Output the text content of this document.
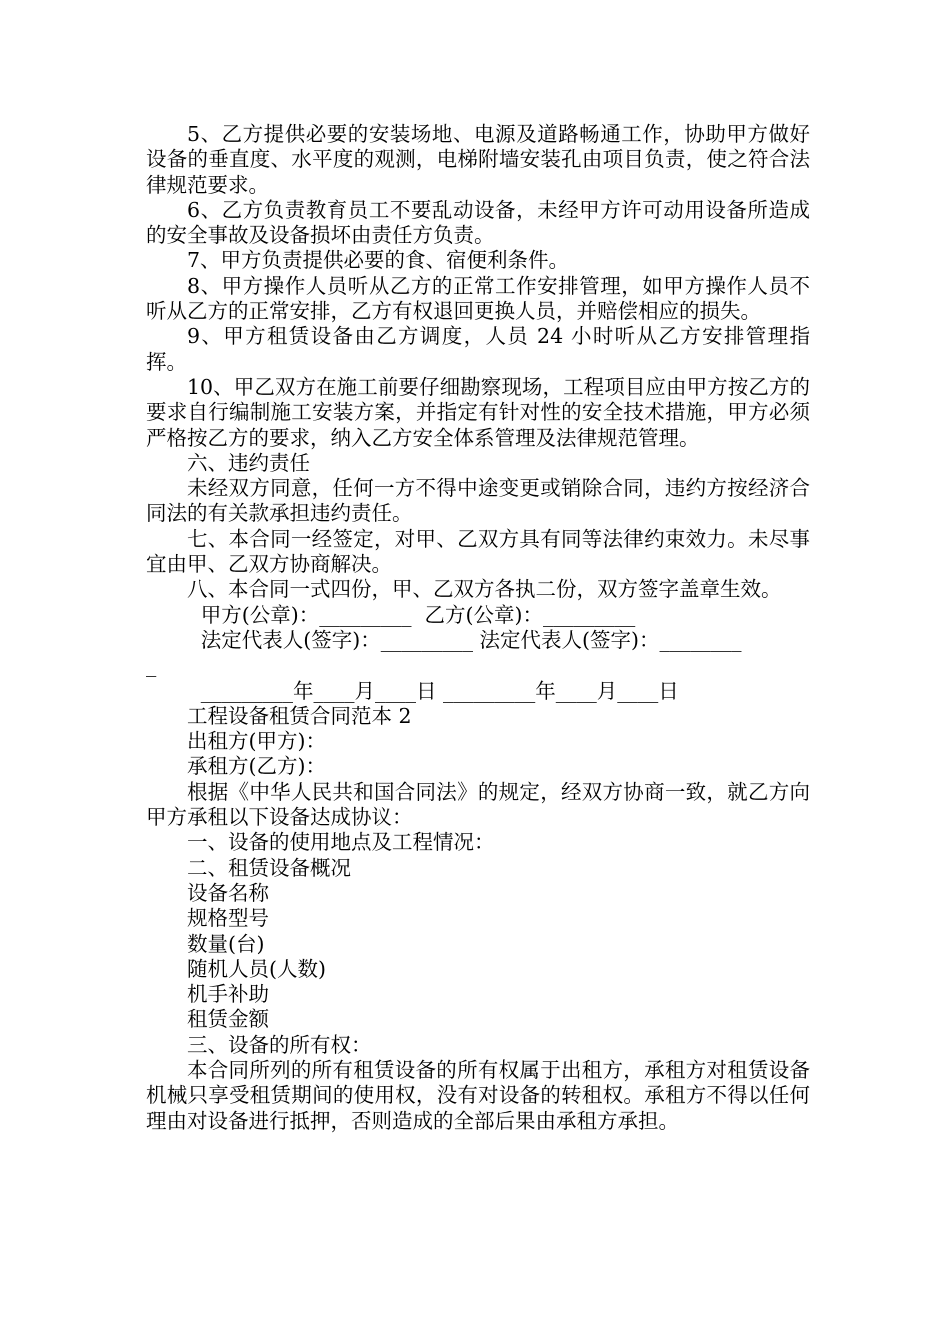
5、乙方提供必要的安装场地、电源及道路畅通工作，协助甲方做好设备的垂直度、水平度的观测，电梯附墙安装孔由项目负责，使之符合法律规范要求。

6、乙方负责教育员工不要乱动设备，未经甲方许可动用设备所造成的安全事故及设备损坏由责任方负责。

7、甲方负责提供必要的食、宿便利条件。

8、甲方操作人员听从乙方的正常工作安排管理，如甲方操作人员不听从乙方的正常安排，乙方有权退回更换人员，并赔偿相应的损失。

9、甲方租赁设备由乙方调度，人员 24 小时听从乙方安排管理指挥。

10、甲乙双方在施工前要仔细勘察现场，工程项目应由甲方按乙方的要求自行编制施工安装方案，并指定有针对性的安全技术措施，甲方必须严格按乙方的要求，纳入乙方安全体系管理及法律规范管理。

六、违约责任

未经双方同意，任何一方不得中途变更或销除合同，违约方按经济合同法的有关款承担违约责任。

七、本合同一经签定，对甲、乙双方具有同等法律约束效力。未尽事宜由甲、乙双方协商解决。

八、本合同一式四份，甲、乙双方各执二份，双方签字盖章生效。

甲方(公章)：_________  乙方(公章)：_________

法定代表人(签字)：_________ 法定代表人(签字)：________

_

_________年____月____日 _________年____月____日

工程设备租赁合同范本 2

出租方(甲方)：

承租方(乙方)：

根据《中华人民共和国合同法》的规定，经双方协商一致，就乙方向甲方承租以下设备达成协议：

一、设备的使用地点及工程情况：

二、租赁设备概况

设备名称

规格型号

数量(台)

随机人员(人数)

机手补助

租赁金额

三、设备的所有权：

本合同所列的所有租赁设备的所有权属于出租方，承租方对租赁设备机械只享受租赁期间的使用权，没有对设备的转租权。承租方不得以任何理由对设备进行抵押，否则造成的全部后果由承租方承担。
